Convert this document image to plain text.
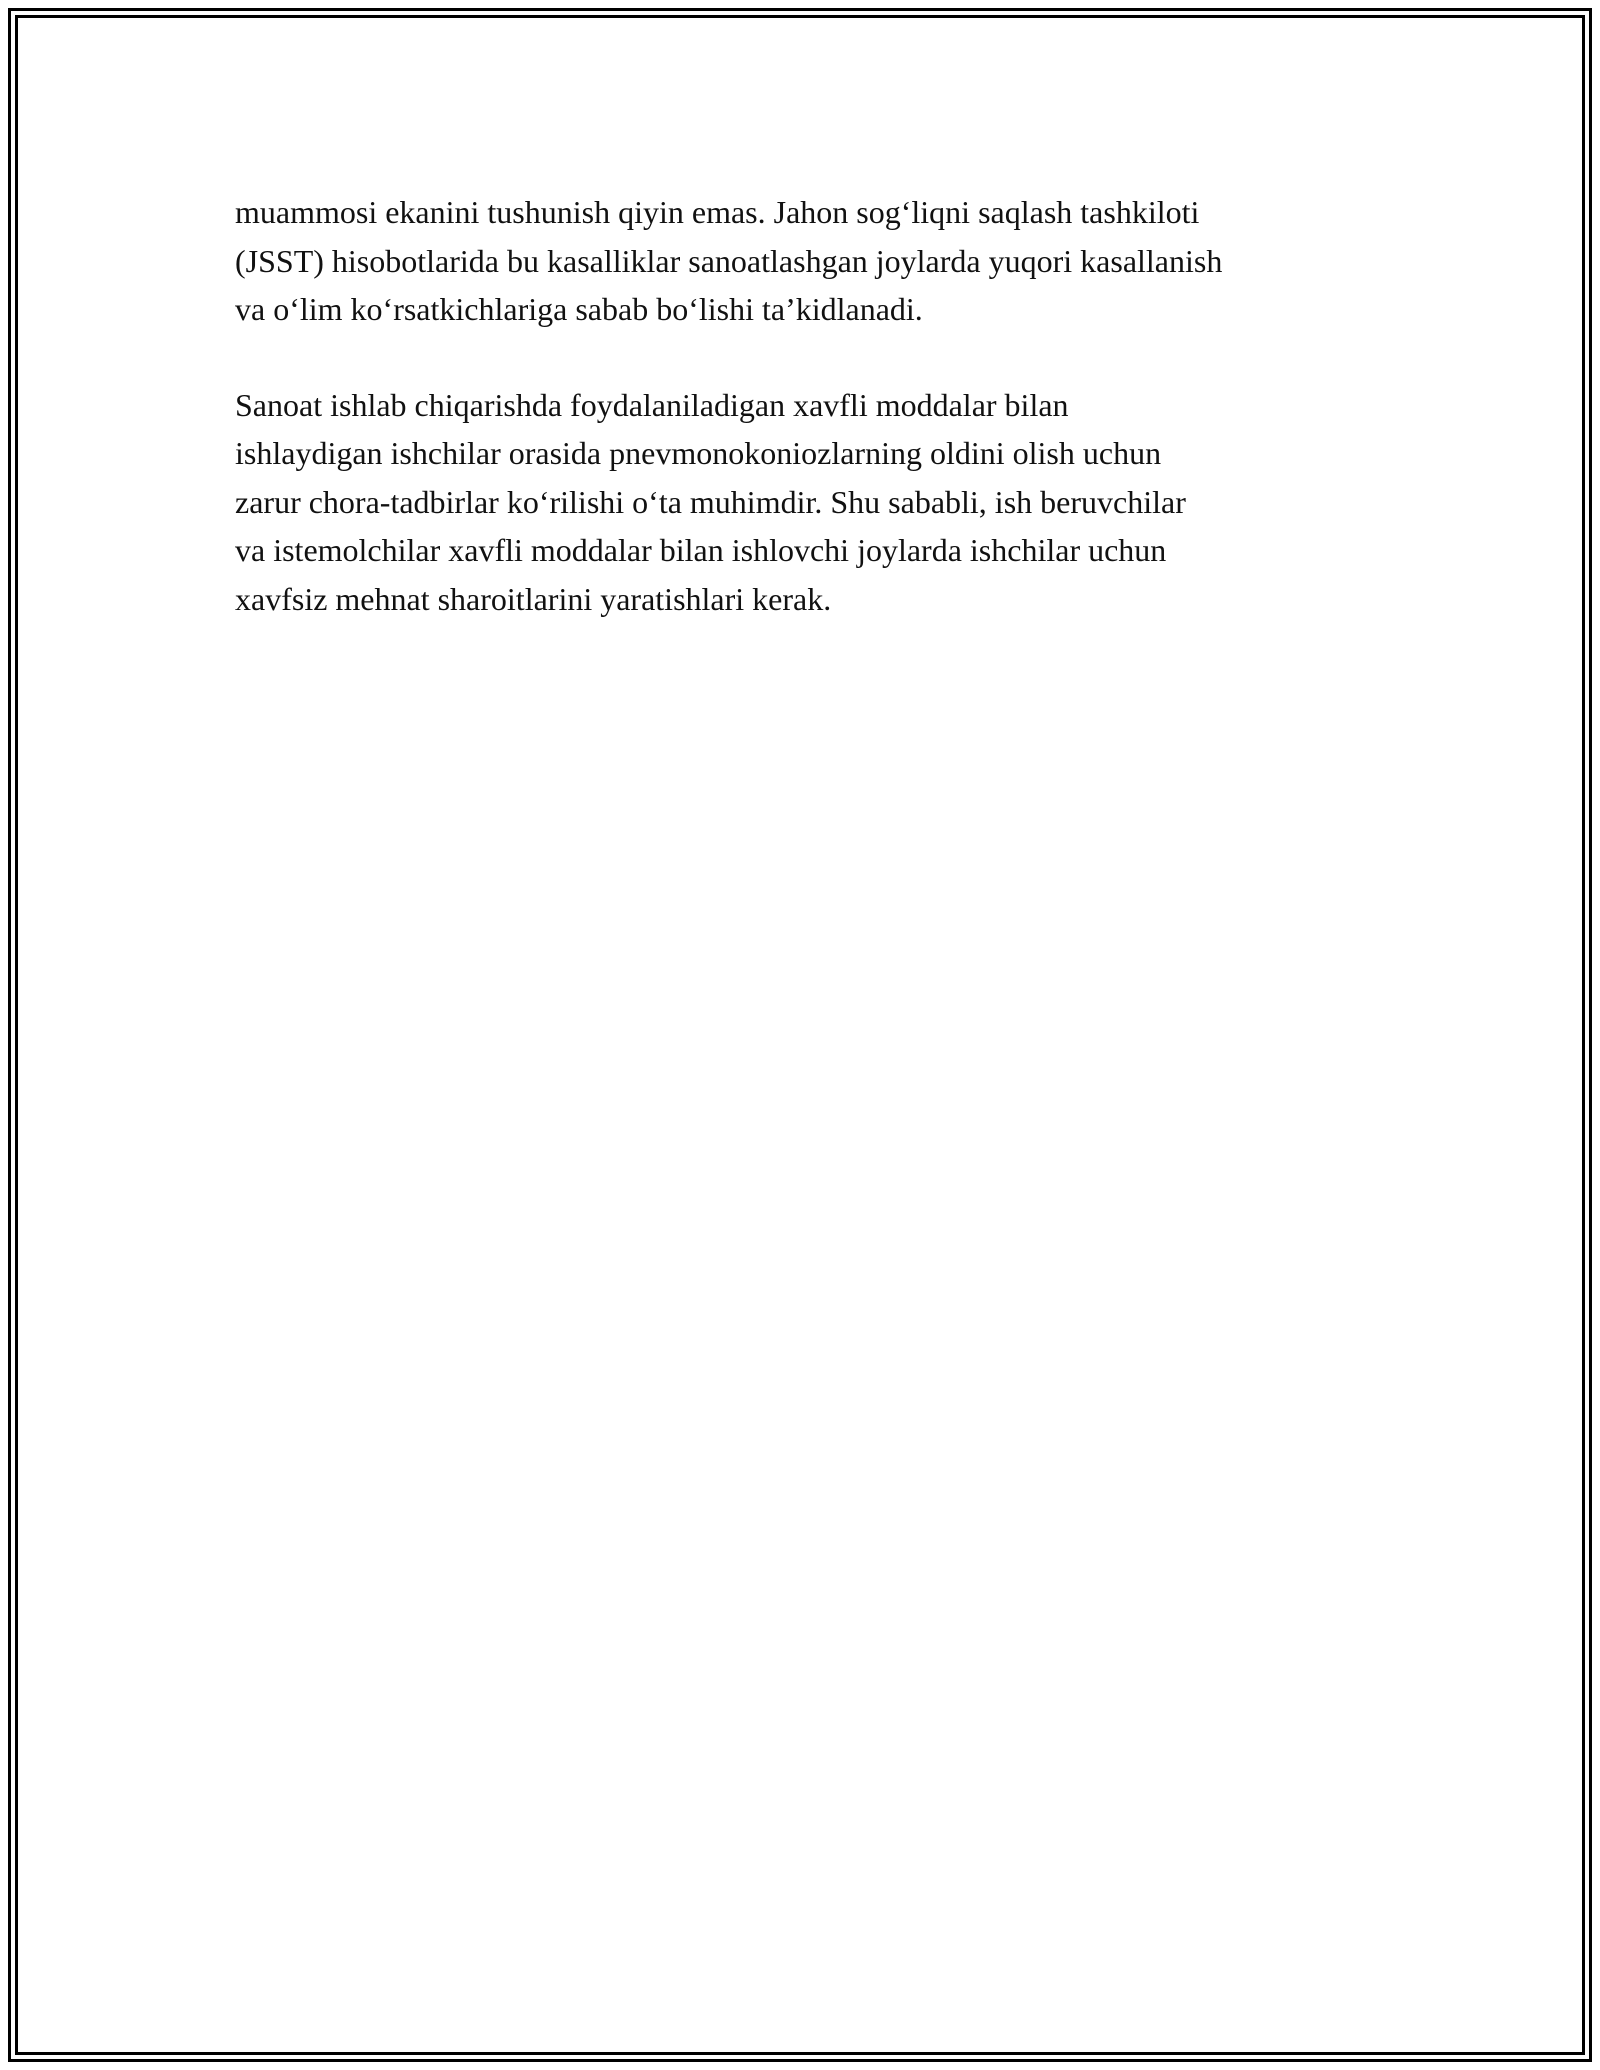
muammosi ekanini tushunish qiyin emas. Jahon sog‘liqni saqlash tashkiloti
(JSST) hisobotlarida bu kasalliklar sanoatlashgan joylarda yuqori kasallanish
va o‘lim ko‘rsatkichlariga sabab bo‘lishi ta’kidlanadi.

Sanoat ishlab chiqarishda foydalaniladigan xavfli moddalar bilan
ishlaydigan ishchilar orasida pnevmonokoniozlarning oldini olish uchun
zarur chora-tadbirlar ko‘rilishi o‘ta muhimdir. Shu sababli, ish beruvchilar
va istemolchilar xavfli moddalar bilan ishlovchi joylarda ishchilar uchun
xavfsiz mehnat sharoitlarini yaratishlari kerak.
